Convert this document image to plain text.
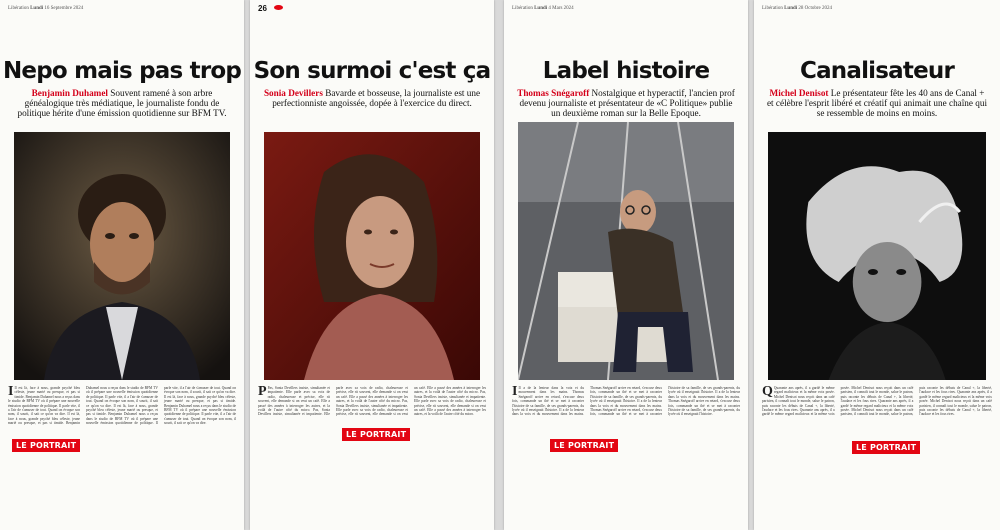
Libération Lundi 16 Septembre 2024
Nepo mais pas trop
Benjamin Duhamel Souvent ramené à son arbre généalogique très médiatique, le journaliste fondu de politique hérite d'une émission quotidienne sur BFM TV.

I Il est là, face à nous, grande psyché bleu céleste, jeune marié ou presque, et pas si timide. Benjamin Duhamel nous a reçus dans le studio de BFM TV où il prépare une nouvelle émission quotidienne de politique. Il parle vite, il a l'air de s'amuser de tout. Quand on évoque son nom, il sourit, il sait ce qu'on va dire. Il est là, face à nous, grande psyché bleu céleste, jeune marié ou presque, et pas si timide. Benjamin Duhamel nous a reçus dans le studio de BFM TV où il prépare une nouvelle émission quotidienne de politique. Il parle vite, il a l'air de s'amuser de tout. Quand on évoque son nom, il sourit, il sait ce qu'on va dire. Il est là, face à nous, grande psyché bleu céleste, jeune marié ou presque, et pas si timide. Benjamin Duhamel nous a reçus dans le studio de BFM TV où il prépare une nouvelle émission quotidienne de politique. Il parle vite, il a l'air de s'amuser de tout. Quand on évoque son nom, il sourit, il sait ce qu'on va dire. Il est là, face à nous, grande psyché bleu céleste, jeune marié ou presque, et pas si timide. Benjamin Duhamel nous a reçus dans le studio de BFM TV où il prépare une nouvelle émission quotidienne de politique. Il parle vite, il a l'air de s'amuser de tout. Quand on évoque son nom, il sourit, il sait ce qu'on va dire.

LE PORTRAIT
26
Son surmoi c'est ça
Sonia Devillers Bavarde et bosseuse, la journaliste est une perfectionniste angoissée, dopée à l'exercice du direct.

P Pas, Sonia Devillers insiste, simultanée et impatiente. Elle parle avec sa voix de radio, chaleureuse et précise, elle rit souvent, elle demande si on veut un café. Elle a passé des années à interroger les autres, et la voilà de l'autre côté du micro. Pas, Sonia Devillers insiste, simultanée et impatiente. Elle parle avec sa voix de radio, chaleureuse et précise, elle rit souvent, elle demande si on veut un café. Elle a passé des années à interroger les autres, et la voilà de l'autre côté du micro. Pas, Sonia Devillers insiste, simultanée et impatiente. Elle parle avec sa voix de radio, chaleureuse et précise, elle rit souvent, elle demande si on veut un café. Elle a passé des années à interroger les autres, et la voilà de l'autre côté du micro. Pas, Sonia Devillers insiste, simultanée et impatiente. Elle parle avec sa voix de radio, chaleureuse et précise, elle rit souvent, elle demande si on veut un café. Elle a passé des années à interroger les autres, et la voilà de l'autre côté du micro.

LE PORTRAIT
Libération Lundi 4 Mars 2024
Label histoire
Thomas Snégaroff Nostalgique et hyperactif, l'ancien prof devenu journaliste et présentateur de «C Politique» publie un deuxième roman sur la Belle Epoque.

I Il a de la lenteur dans la voix et du mouvement dans les mains. Thomas Snégaroff arrive en retard, s'excuse deux fois, commande un thé et se met à raconter l'histoire de sa famille, de ses grands-parents, du lycée où il enseignait l'histoire. Il a de la lenteur dans la voix et du mouvement dans les mains. Thomas Snégaroff arrive en retard, s'excuse deux fois, commande un thé et se met à raconter l'histoire de sa famille, de ses grands-parents, du lycée où il enseignait l'histoire. Il a de la lenteur dans la voix et du mouvement dans les mains. Thomas Snégaroff arrive en retard, s'excuse deux fois, commande un thé et se met à raconter l'histoire de sa famille, de ses grands-parents, du lycée où il enseignait l'histoire. Il a de la lenteur dans la voix et du mouvement dans les mains. Thomas Snégaroff arrive en retard, s'excuse deux fois, commande un thé et se met à raconter l'histoire de sa famille, de ses grands-parents, du lycée où il enseignait l'histoire.

LE PORTRAIT
Libération Lundi 28 Octobre 2024
Canalisateur
Michel Denisot Le présentateur fête les 40 ans de Canal + et célèbre l'esprit libéré et créatif qui animait une chaîne qui se ressemble de moins en moins.

Q Quarante ans après, il a gardé le même regard malicieux et la même voix posée. Michel Denisot nous reçoit dans un café parisien, il connaît tout le monde, salue le patron, puis raconte les débuts de Canal +, la liberté, l'audace et les fous rires. Quarante ans après, il a gardé le même regard malicieux et la même voix posée. Michel Denisot nous reçoit dans un café parisien, il connaît tout le monde, salue le patron, puis raconte les débuts de Canal +, la liberté, l'audace et les fous rires. Quarante ans après, il a gardé le même regard malicieux et la même voix posée. Michel Denisot nous reçoit dans un café parisien, il connaît tout le monde, salue le patron, puis raconte les débuts de Canal +, la liberté, l'audace et les fous rires. Quarante ans après, il a gardé le même regard malicieux et la même voix posée. Michel Denisot nous reçoit dans un café parisien, il connaît tout le monde, salue le patron, puis raconte les débuts de Canal +, la liberté, l'audace et les fous rires.

LE PORTRAIT
